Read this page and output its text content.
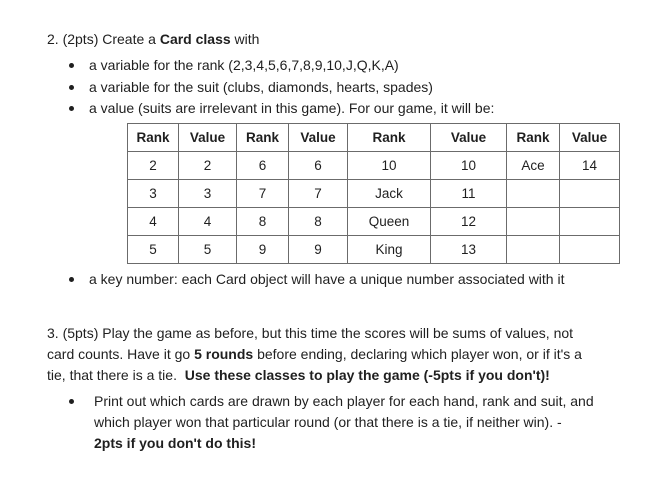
2. (2pts) Create a Card class with
a variable for the rank (2,3,4,5,6,7,8,9,10,J,Q,K,A)
a variable for the suit (clubs, diamonds, hearts, spades)
a value (suits are irrelevant in this game). For our game, it will be:
Rank	Value	Rank	Value	Rank	Value	Rank	Value
2	2	6	6	10	10	Ace	14
3	3	7	7	Jack	11		
4	4	8	8	Queen	12		
5	5	9	9	King	13		
a key number: each Card object will have a unique number associated with it
3. (5pts) Play the game as before, but this time the scores will be sums of values, not
card counts. Have it go 5 rounds before ending, declaring which player won, or if it's a
tie, that there is a tie.  Use these classes to play the game (-5pts if you don't)!
Print out which cards are drawn by each player for each hand, rank and suit, and
which player won that particular round (or that there is a tie, if neither win). -
2pts if you don't do this!
